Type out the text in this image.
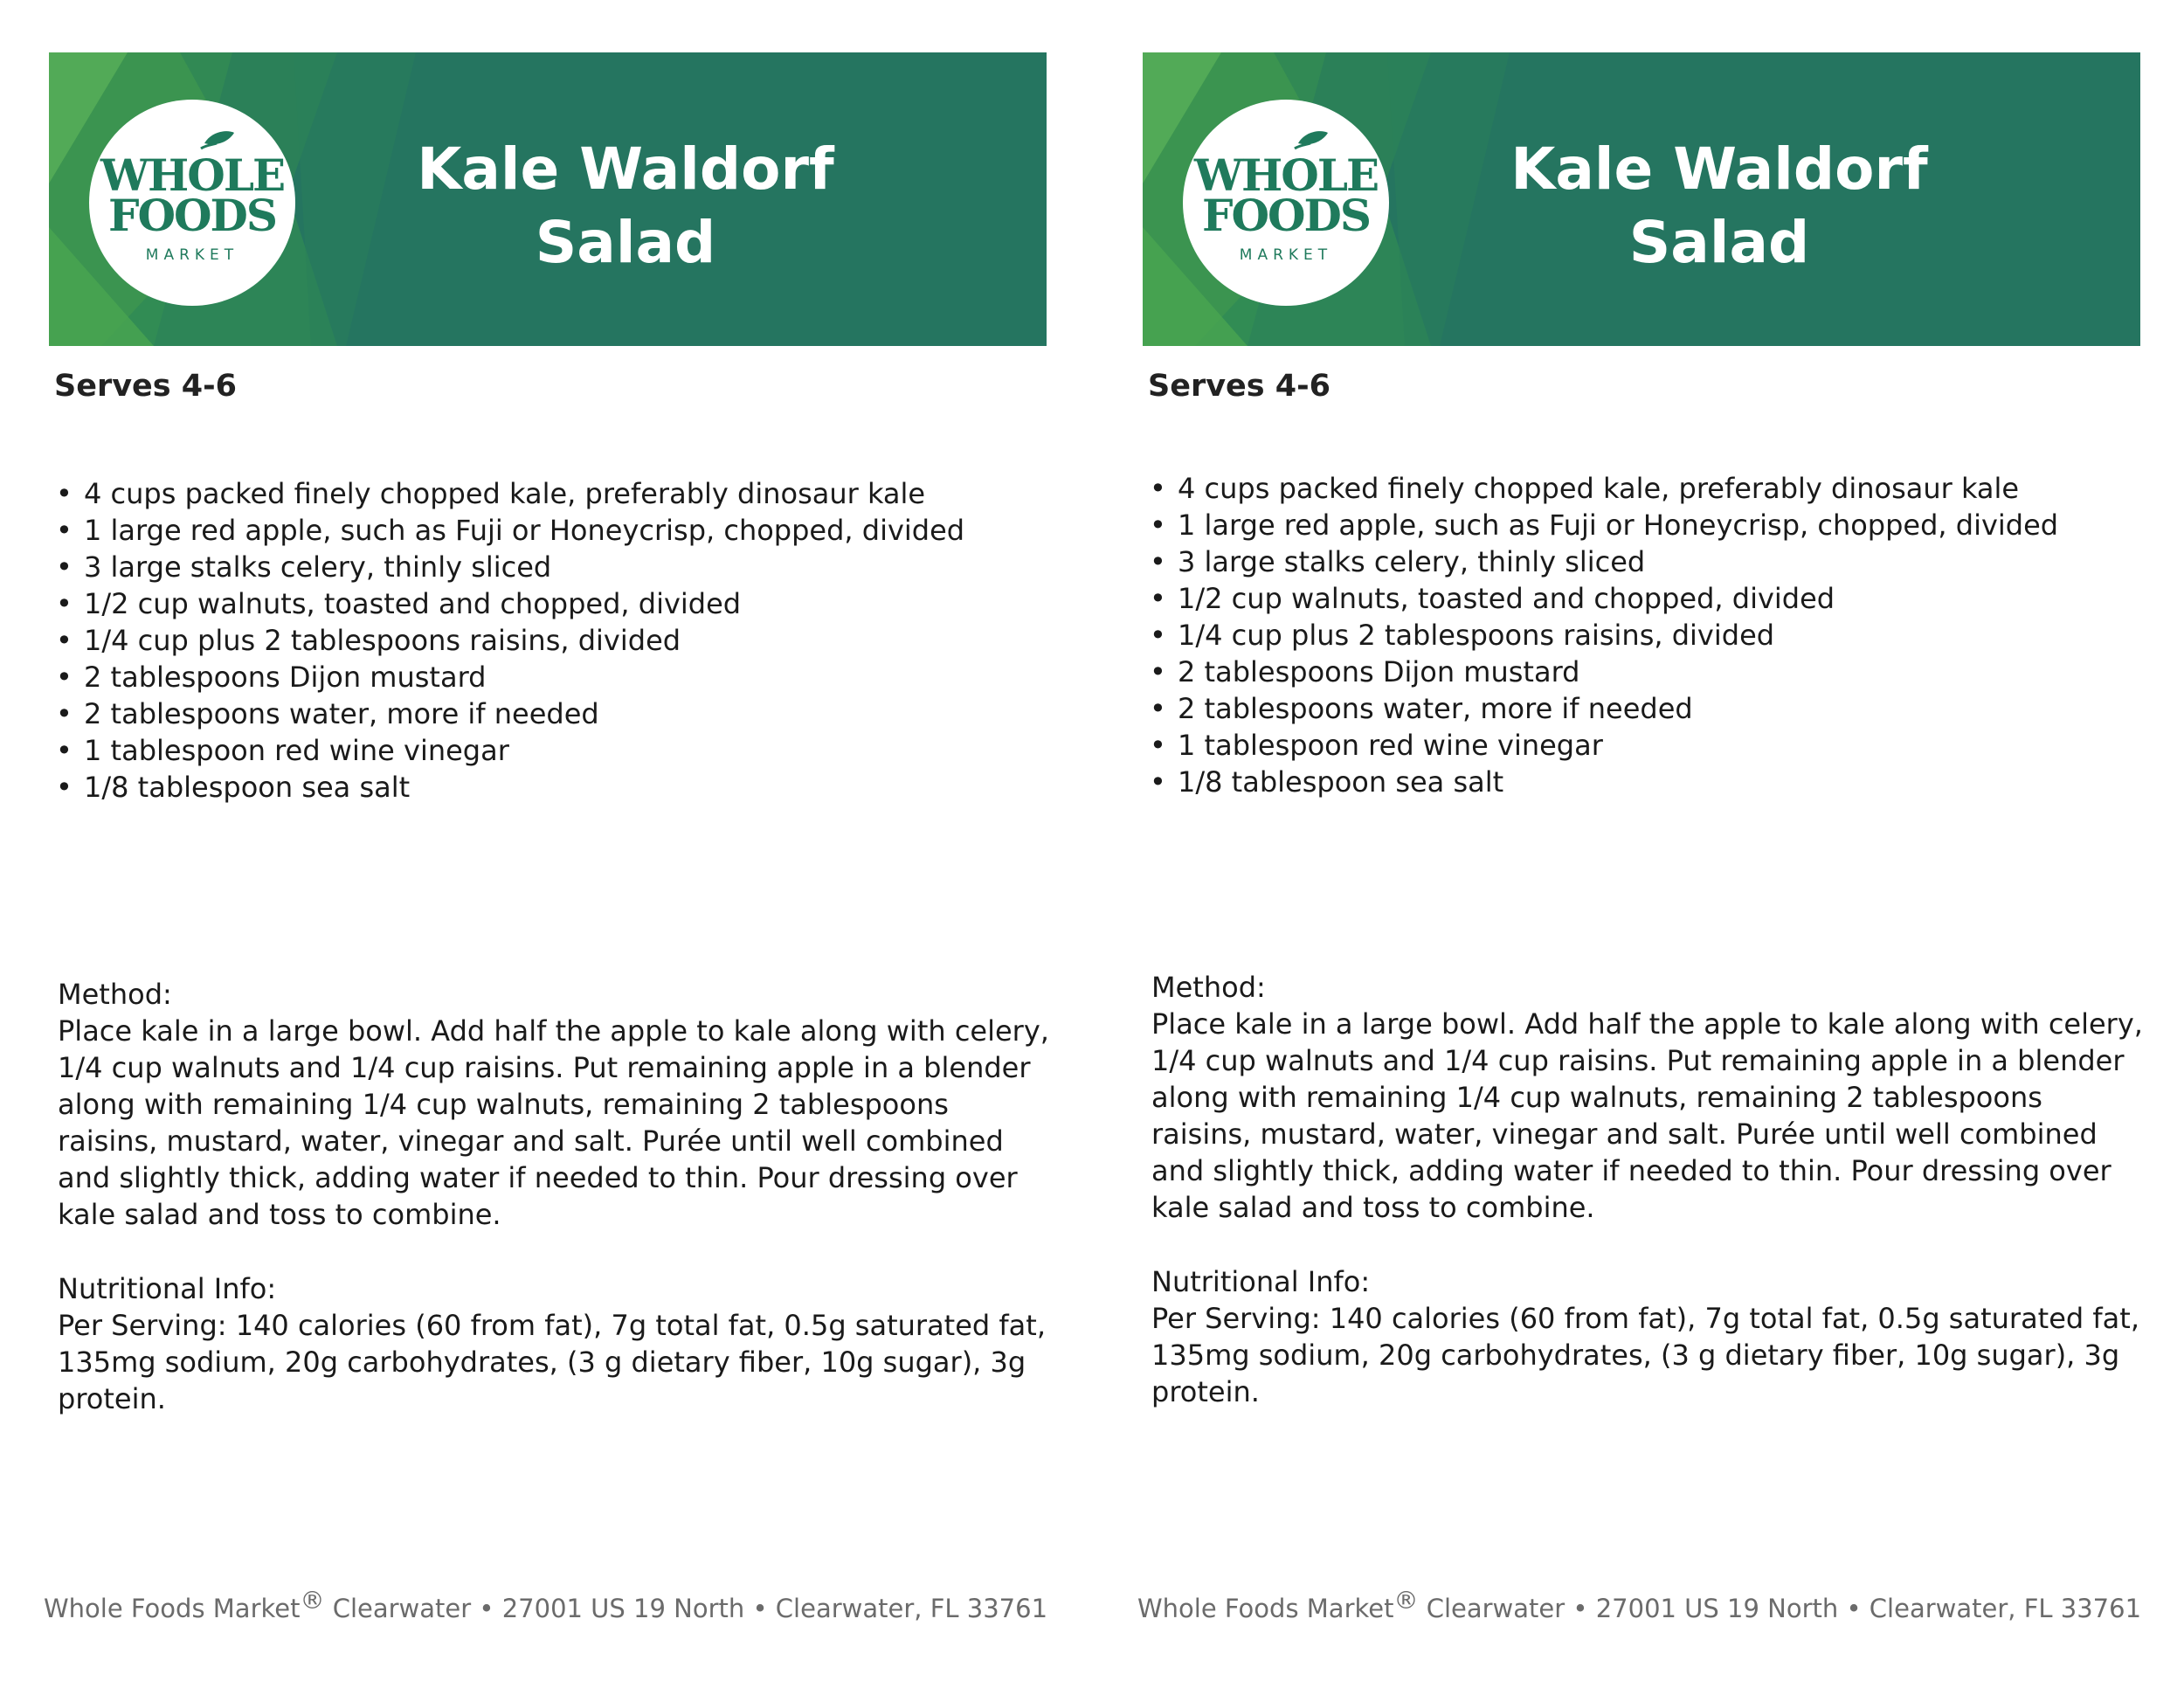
WHOLE
FOODS
MARKET
Kale Waldorf
Salad
Serves 4-6
• 4 cups packed finely chopped kale, preferably dinosaur kale
• 1 large red apple, such as Fuji or Honeycrisp, chopped, divided
• 3 large stalks celery, thinly sliced
• 1/2 cup walnuts, toasted and chopped, divided
• 1/4 cup plus 2 tablespoons raisins, divided
• 2 tablespoons Dijon mustard
• 2 tablespoons water, more if needed
• 1 tablespoon red wine vinegar
• 1/8 tablespoon sea salt

Method:

Place kale in a large bowl. Add half the apple to kale along with celery, 1/4 cup walnuts and 1/4 cup raisins. Put remaining apple in a blender along with remaining 1/4 cup walnuts, remaining 2 tablespoons raisins, mustard, water, vinegar and salt. Purée until well combined and slightly thick, adding water if needed to thin. Pour dressing over kale salad and toss to combine.

Nutritional Info:

Per Serving: 140 calories (60 from fat), 7g total fat, 0.5g saturated fat, 135mg sodium, 20g carbohydrates, (3 g dietary fiber, 10g sugar), 3g protein.

Whole Foods Market® Clearwater • 27001 US 19 North • Clearwater, FL 33761
WHOLE
FOODS
MARKET
Kale Waldorf
Salad
Serves 4-6
• 4 cups packed finely chopped kale, preferably dinosaur kale
• 1 large red apple, such as Fuji or Honeycrisp, chopped, divided
• 3 large stalks celery, thinly sliced
• 1/2 cup walnuts, toasted and chopped, divided
• 1/4 cup plus 2 tablespoons raisins, divided
• 2 tablespoons Dijon mustard
• 2 tablespoons water, more if needed
• 1 tablespoon red wine vinegar
• 1/8 tablespoon sea salt

Method:

Place kale in a large bowl. Add half the apple to kale along with celery, 1/4 cup walnuts and 1/4 cup raisins. Put remaining apple in a blender along with remaining 1/4 cup walnuts, remaining 2 tablespoons raisins, mustard, water, vinegar and salt. Purée until well combined and slightly thick, adding water if needed to thin. Pour dressing over kale salad and toss to combine.

Nutritional Info:

Per Serving: 140 calories (60 from fat), 7g total fat, 0.5g saturated fat, 135mg sodium, 20g carbohydrates, (3 g dietary fiber, 10g sugar), 3g protein.

Whole Foods Market® Clearwater • 27001 US 19 North • Clearwater, FL 33761
